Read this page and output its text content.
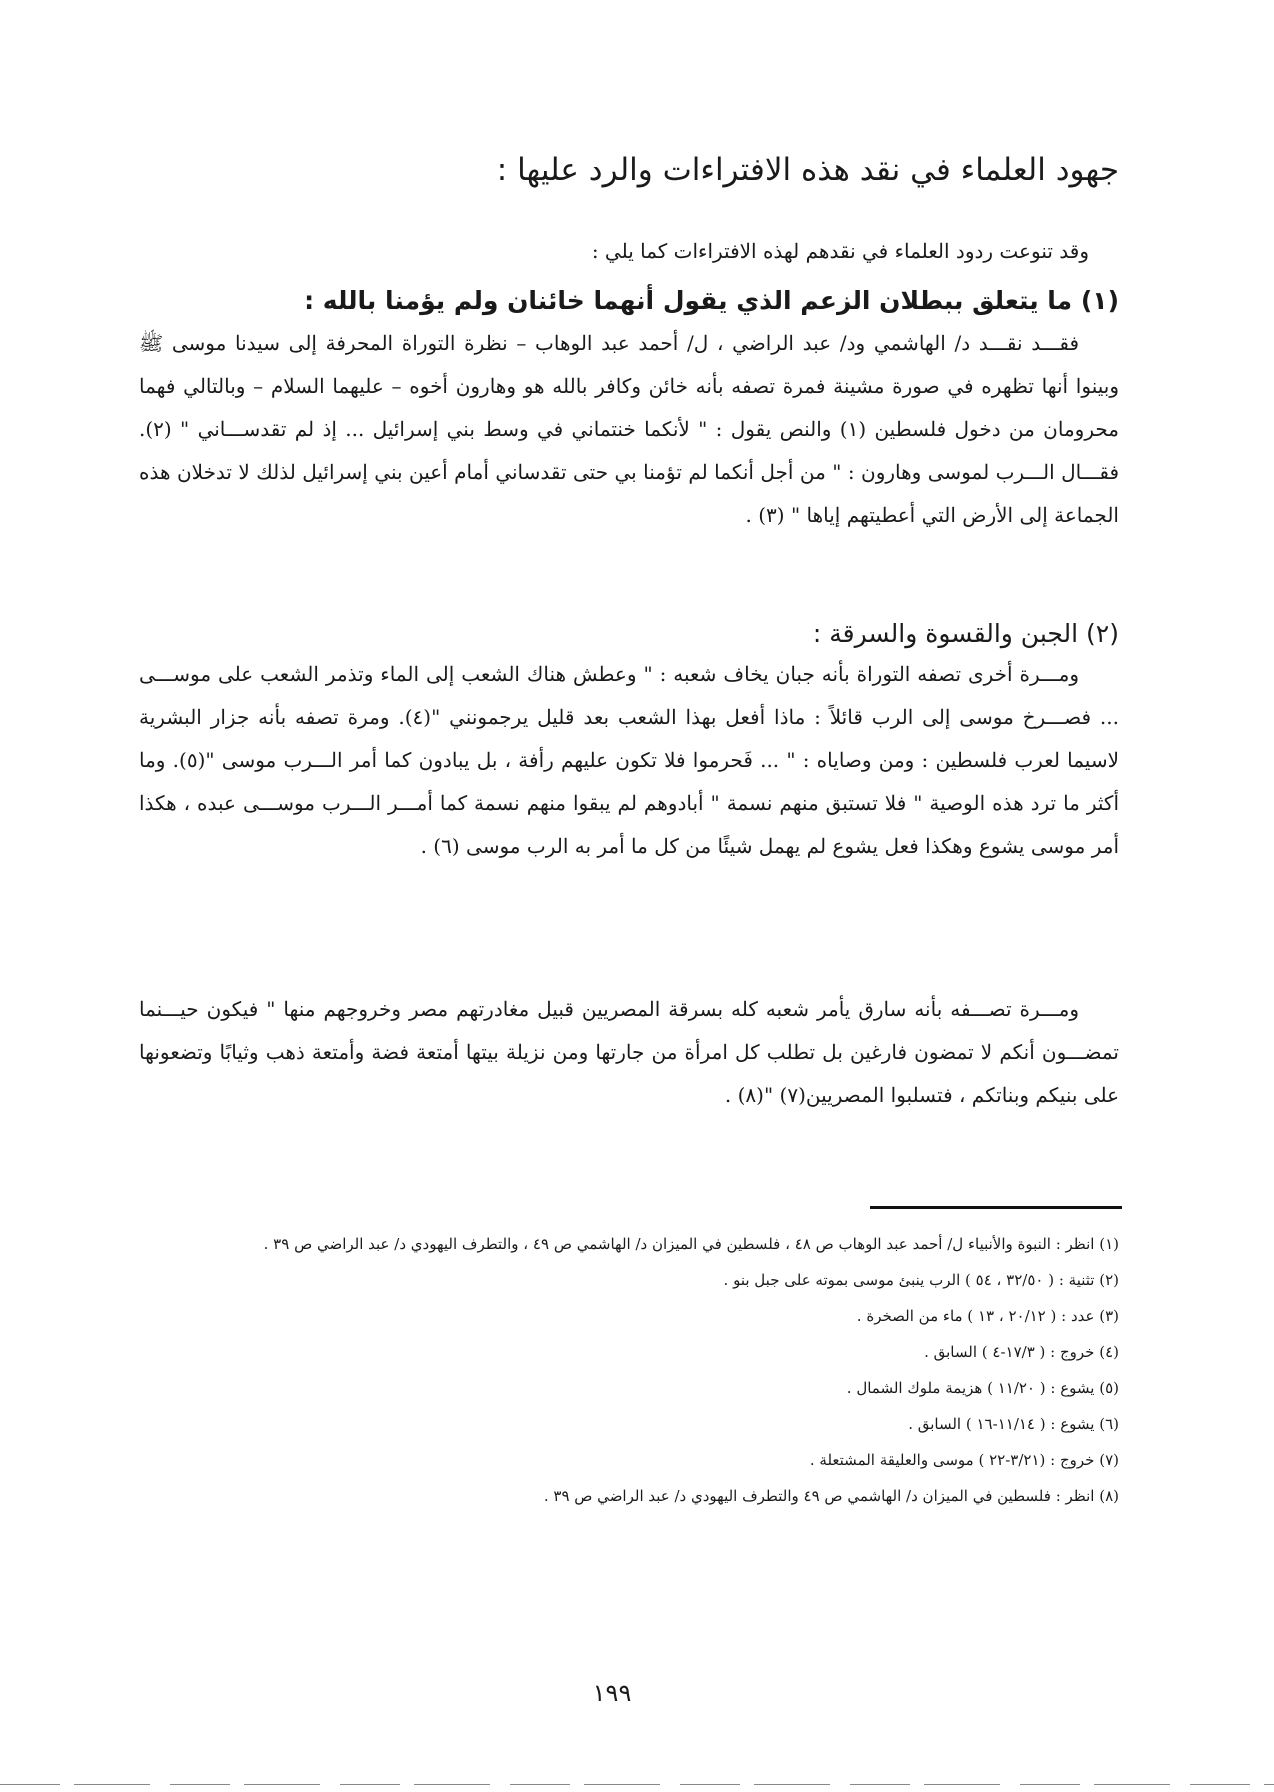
جهود العلماء في نقد هذه الافتراءات والرد عليها :

وقد تنوعت ردود العلماء في نقدهم لهذه الافتراءات كما يلي :

(١) ما يتعلق ببطلان الزعم الذي يقول أنهما خائنان ولم يؤمنا بالله :

فقـــد نقـــد د/ الهاشمي ود/ عبد الراضي ، ل/ أحمد عبد الوهاب – نظرة التوراة المحرفة إلى سيدنا موسى ﷺ وبينوا أنها تظهره في صورة مشينة فمرة تصفه بأنه خائن وكافر بالله هو وهارون أخوه – عليهما السلام – وبالتالي فهما محرومان من دخول فلسطين (١) والنص يقول : " لأنكما خنتماني في وسط بني إسرائيل ... إذ لم تقدســـاني " (٢). فقـــال الـــرب لموسى وهارون : " من أجل أنكما لم تؤمنا بي حتى تقدساني أمام أعين بني إسرائيل لذلك لا تدخلان هذه الجماعة إلى الأرض التي أعطيتهم إياها " (٣) .

(٢) الجبن والقسوة والسرقة :

ومـــرة أخرى تصفه التوراة بأنه جبان يخاف شعبه : " وعطش هناك الشعب إلى الماء وتذمر الشعب على موســـى ... فصـــرخ موسى إلى الرب قائلاً : ماذا أفعل بهذا الشعب بعد قليل يرجمونني "(٤). ومرة تصفه بأنه جزار البشرية لاسيما لعرب فلسطين : ومن وصاياه : " ... فَحرموا فلا تكون عليهم رأفة ، بل يبادون كما أمر الـــرب موسى "(٥). وما أكثر ما ترد هذه الوصية " فلا تستبق منهم نسمة " أبادوهم لم يبقوا منهم نسمة كما أمـــر الـــرب موســـى عبده ، هكذا أمر موسى يشوع وهكذا فعل يشوع لم يهمل شيئًا من كل ما أمر به الرب موسى (٦) .

ومـــرة تصـــفه بأنه سارق يأمر شعبه كله بسرقة المصريين قبيل مغادرتهم مصر وخروجهم منها " فيكون حيـــنما تمضـــون أنكم لا تمضون فارغين بل تطلب كل امرأة من جارتها ومن نزيلة بيتها أمتعة فضة وأمتعة ذهب وثيابًا وتضعونها على بنيكم وبناتكم ، فتسلبوا المصريين(٧) "(٨) .

(١) انظر : النبوة والأنبياء ل/ أحمد عبد الوهاب ص ٤٨ ، فلسطين في الميزان د/ الهاشمي ص ٤٩ ، والتطرف اليهودي د/ عبد الراضي ص ٣٩ .
(٢) تثنية : ( ٣٢/٥٠ ، ٥٤ ) الرب ينبئ موسى بموته على جبل بنو .
(٣) عدد : ( ٢٠/١٢ ، ١٣ ) ماء من الصخرة .
(٤) خروج : ( ١٧/٣-٤ ) السابق .
(٥) يشوع : ( ١١/٢٠ ) هزيمة ملوك الشمال .
(٦) يشوع : ( ١١/١٤-١٦ ) السابق .
(٧) خروج : (٣/٢١-٢٢ ) موسى والعليقة المشتعلة .
(٨) انظر : فلسطين في الميزان د/ الهاشمي ص ٤٩ والتطرف اليهودي د/ عبد الراضي ص ٣٩ .
١٩٩
